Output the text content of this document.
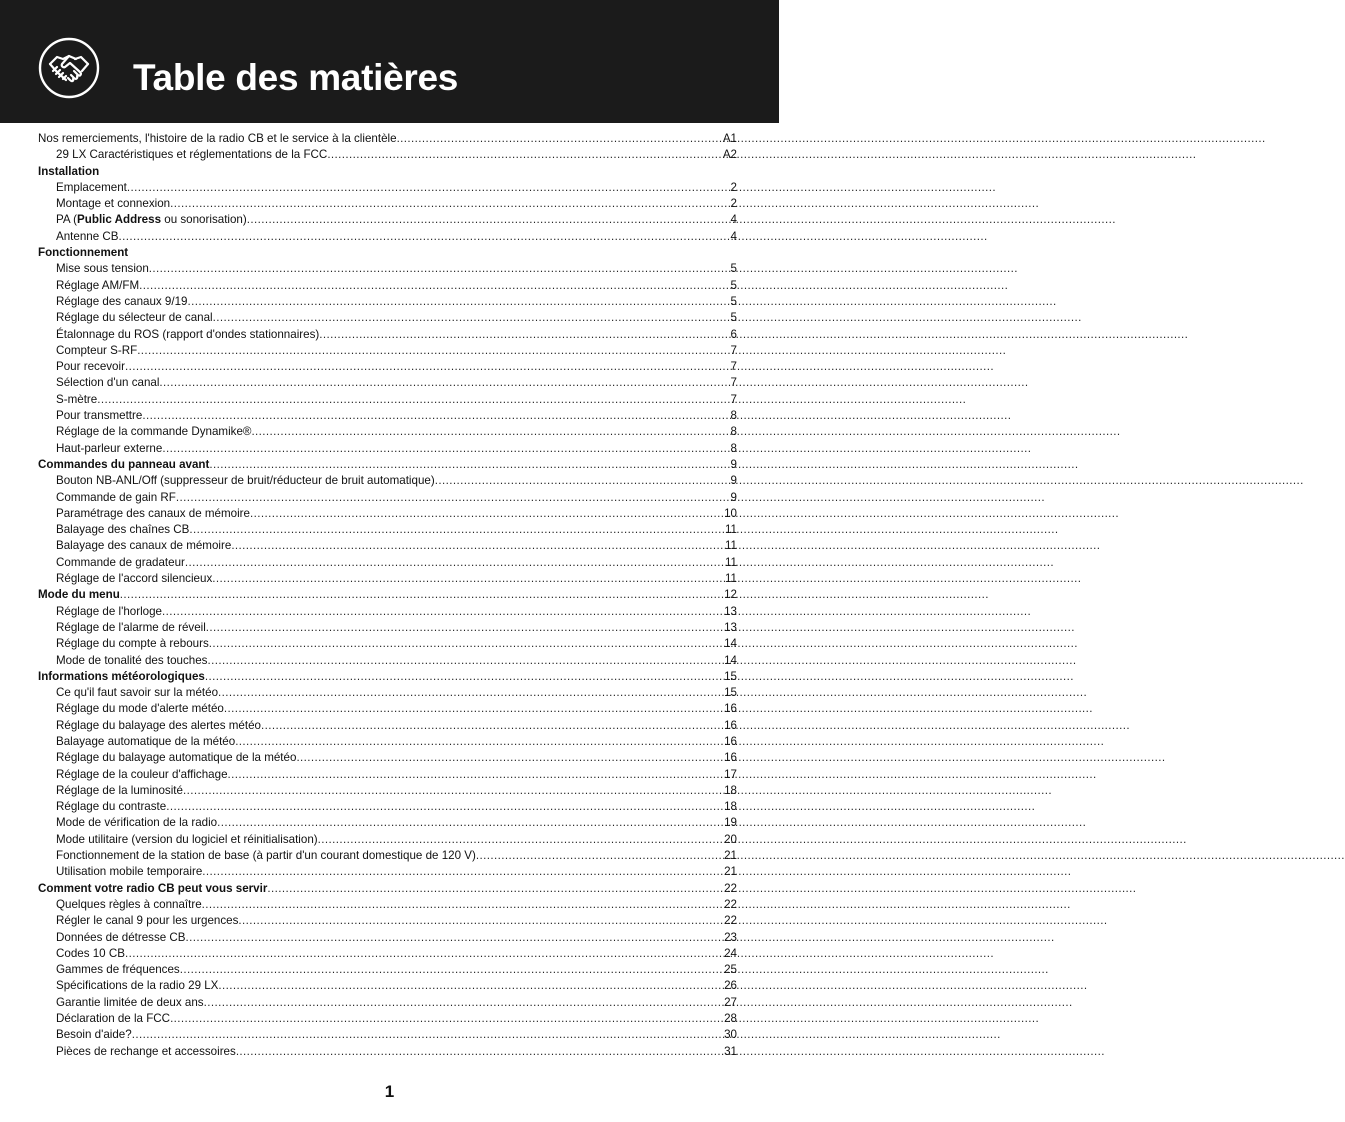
Table des matières
Nos remerciements, l'histoire de la radio CB et le service à la clientèle .....	A1
29 LX Caractéristiques et réglementations de la FCC .....	A2
Installation
Emplacement .....	2
Montage et connexion .....	2
PA (Public Address ou sonorisation) .....	4
Antenne CB .....	4
Fonctionnement
Mise sous tension .....	5
Réglage AM/FM .....	5
Réglage des canaux 9/19 .....	5
Réglage du sélecteur de canal .....	5
Étalonnage du ROS (rapport d'ondes stationnaires) .....	6
Compteur S-RF .....	7
Pour recevoir .....	7
Sélection d'un canal .....	7
S-mètre .....	7
Pour transmettre .....	8
Réglage de la commande Dynamike® .....	8
Haut-parleur externe .....	8
Commandes du panneau avant .....	9
Bouton NB-ANL/Off (suppresseur de bruit/réducteur de bruit automatique) .....	9
Commande de gain RF .....	9
Paramétrage des canaux de mémoire .....	10
Balayage des chaînes CB .....	11
Balayage des canaux de mémoire .....	11
Commande de gradateur .....	11
Réglage de l'accord silencieux .....	11
Mode du menu .....	12
Réglage de l'horloge .....	13
Réglage de l'alarme de réveil .....	13
Réglage du compte à rebours .....	14
Mode de tonalité des touches .....	14
Informations météorologiques .....	15
Ce qu'il faut savoir sur la météo .....	15
Réglage du mode d'alerte météo .....	16
Réglage du balayage des alertes météo .....	16
Balayage automatique de la météo .....	16
Réglage du balayage automatique de la météo .....	16
Réglage de la couleur d'affichage .....	17
Réglage de la luminosité .....	18
Réglage du contraste .....	18
Mode de vérification de la radio .....	19
Mode utilitaire (version du logiciel et réinitialisation) .....	20
Fonctionnement de la station de base (à partir d'un courant domestique de 120 V) .....	21
Utilisation mobile temporaire .....	21
Comment votre radio CB peut vous servir .....	22
Quelques règles à connaître .....	22
Régler le canal 9 pour les urgences .....	22
Données de détresse CB .....	23
Codes 10 CB .....	24
Gammes de fréquences .....	25
Spécifications de la radio 29 LX .....	26
Garantie limitée de deux ans .....	27
Déclaration de la FCC .....	28
Besoin d'aide? .....	30
Pièces de rechange et accessoires .....	31
1
